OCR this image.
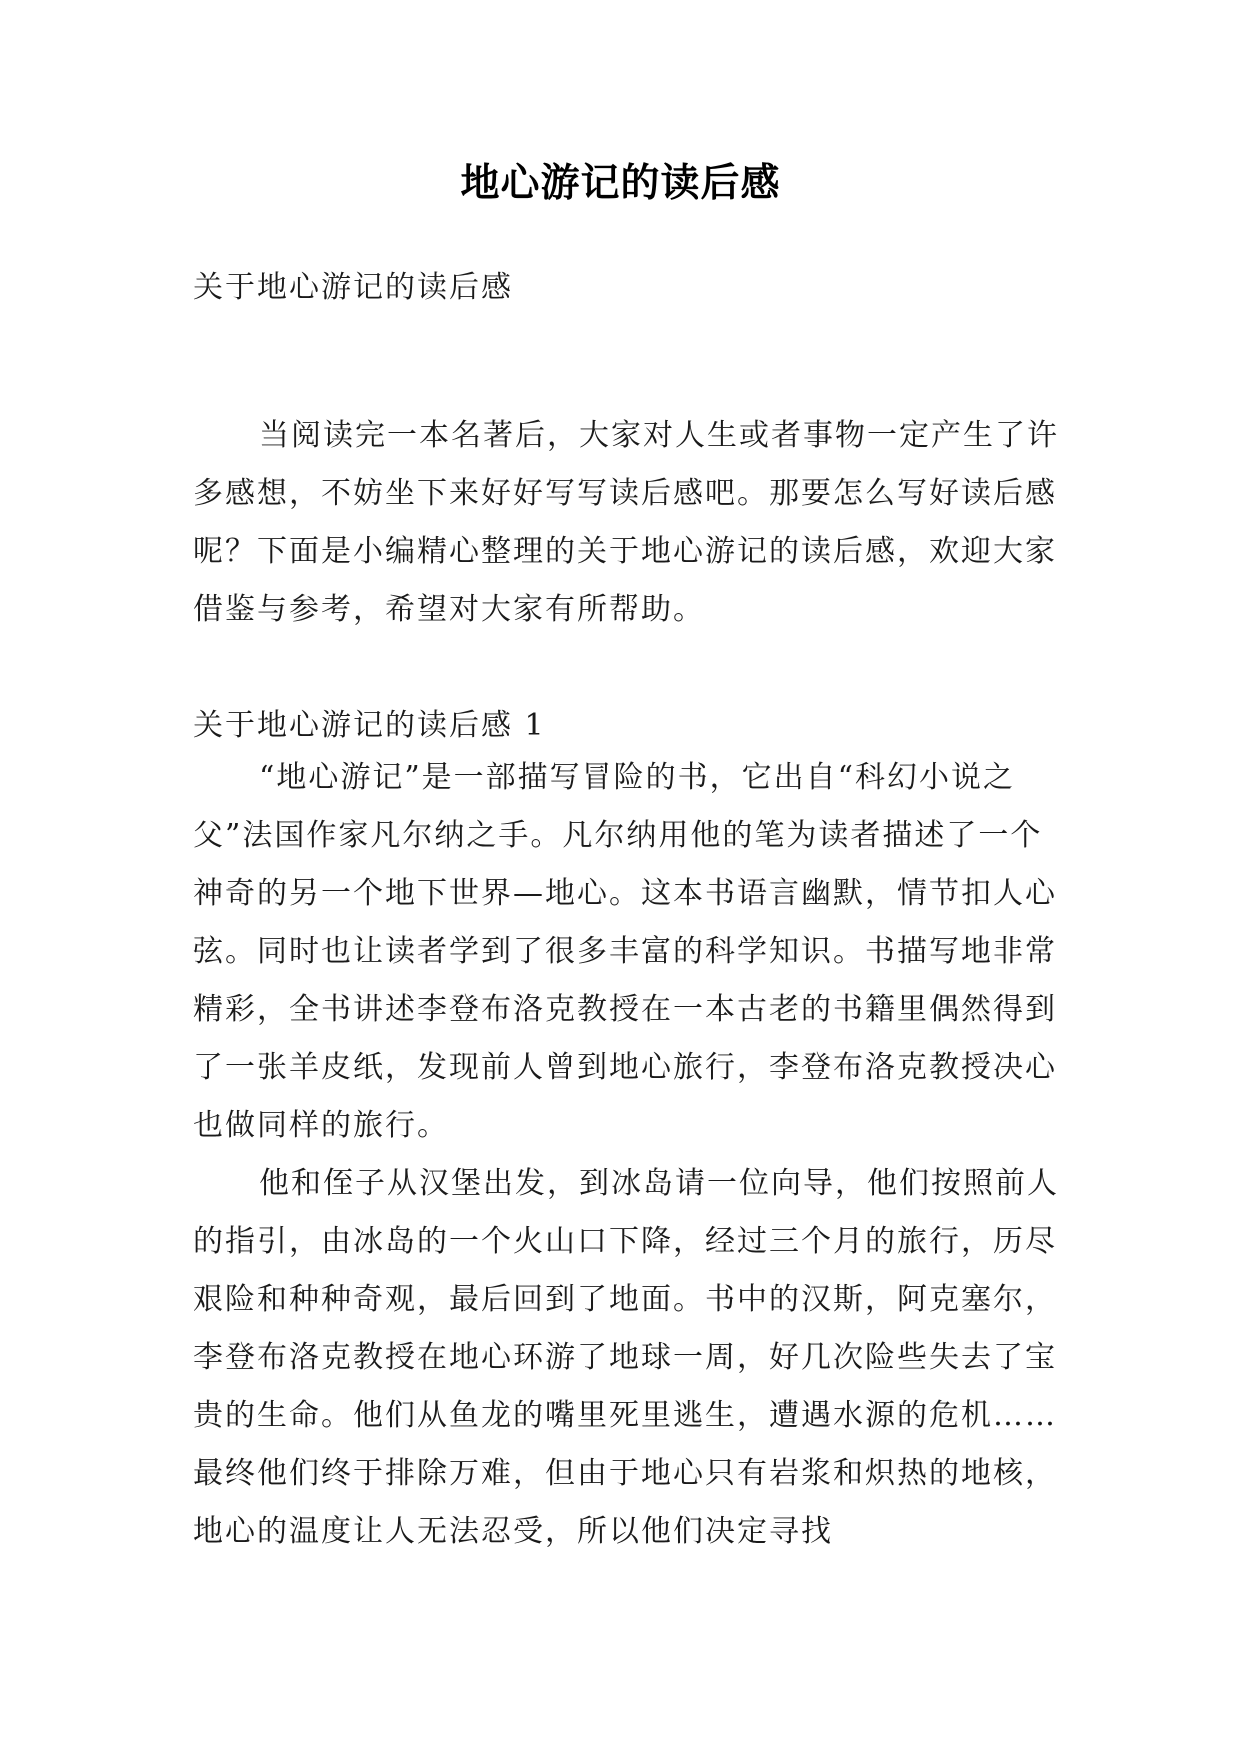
地心游记的读后感
关于地心游记的读后感
当阅读完一本名著后，大家对人生或者事物一定产生了许多感想，不妨坐下来好好写写读后感吧。那要怎么写好读后感呢？下面是小编精心整理的关于地心游记的读后感，欢迎大家借鉴与参考，希望对大家有所帮助。
关于地心游记的读后感 1

“地心游记”是一部描写冒险的书，它出自“科幻小说之父”法国作家凡尔纳之手。凡尔纳用他的笔为读者描述了一个神奇的另一个地下世界—地心。这本书语言幽默，情节扣人心弦。同时也让读者学到了很多丰富的科学知识。书描写地非常精彩，全书讲述李登布洛克教授在一本古老的书籍里偶然得到了一张羊皮纸，发现前人曾到地心旅行，李登布洛克教授决心也做同样的旅行。

他和侄子从汉堡出发，到冰岛请一位向导，他们按照前人的指引，由冰岛的一个火山口下降，经过三个月的旅行，历尽艰险和种种奇观，最后回到了地面。书中的汉斯，阿克塞尔，李登布洛克教授在地心环游了地球一周，好几次险些失去了宝贵的生命。他们从鱼龙的嘴里死里逃生，遭遇水源的危机……最终他们终于排除万难，但由于地心只有岩浆和炽热的地核，地心的温度让人无法忍受，所以他们决定寻找
